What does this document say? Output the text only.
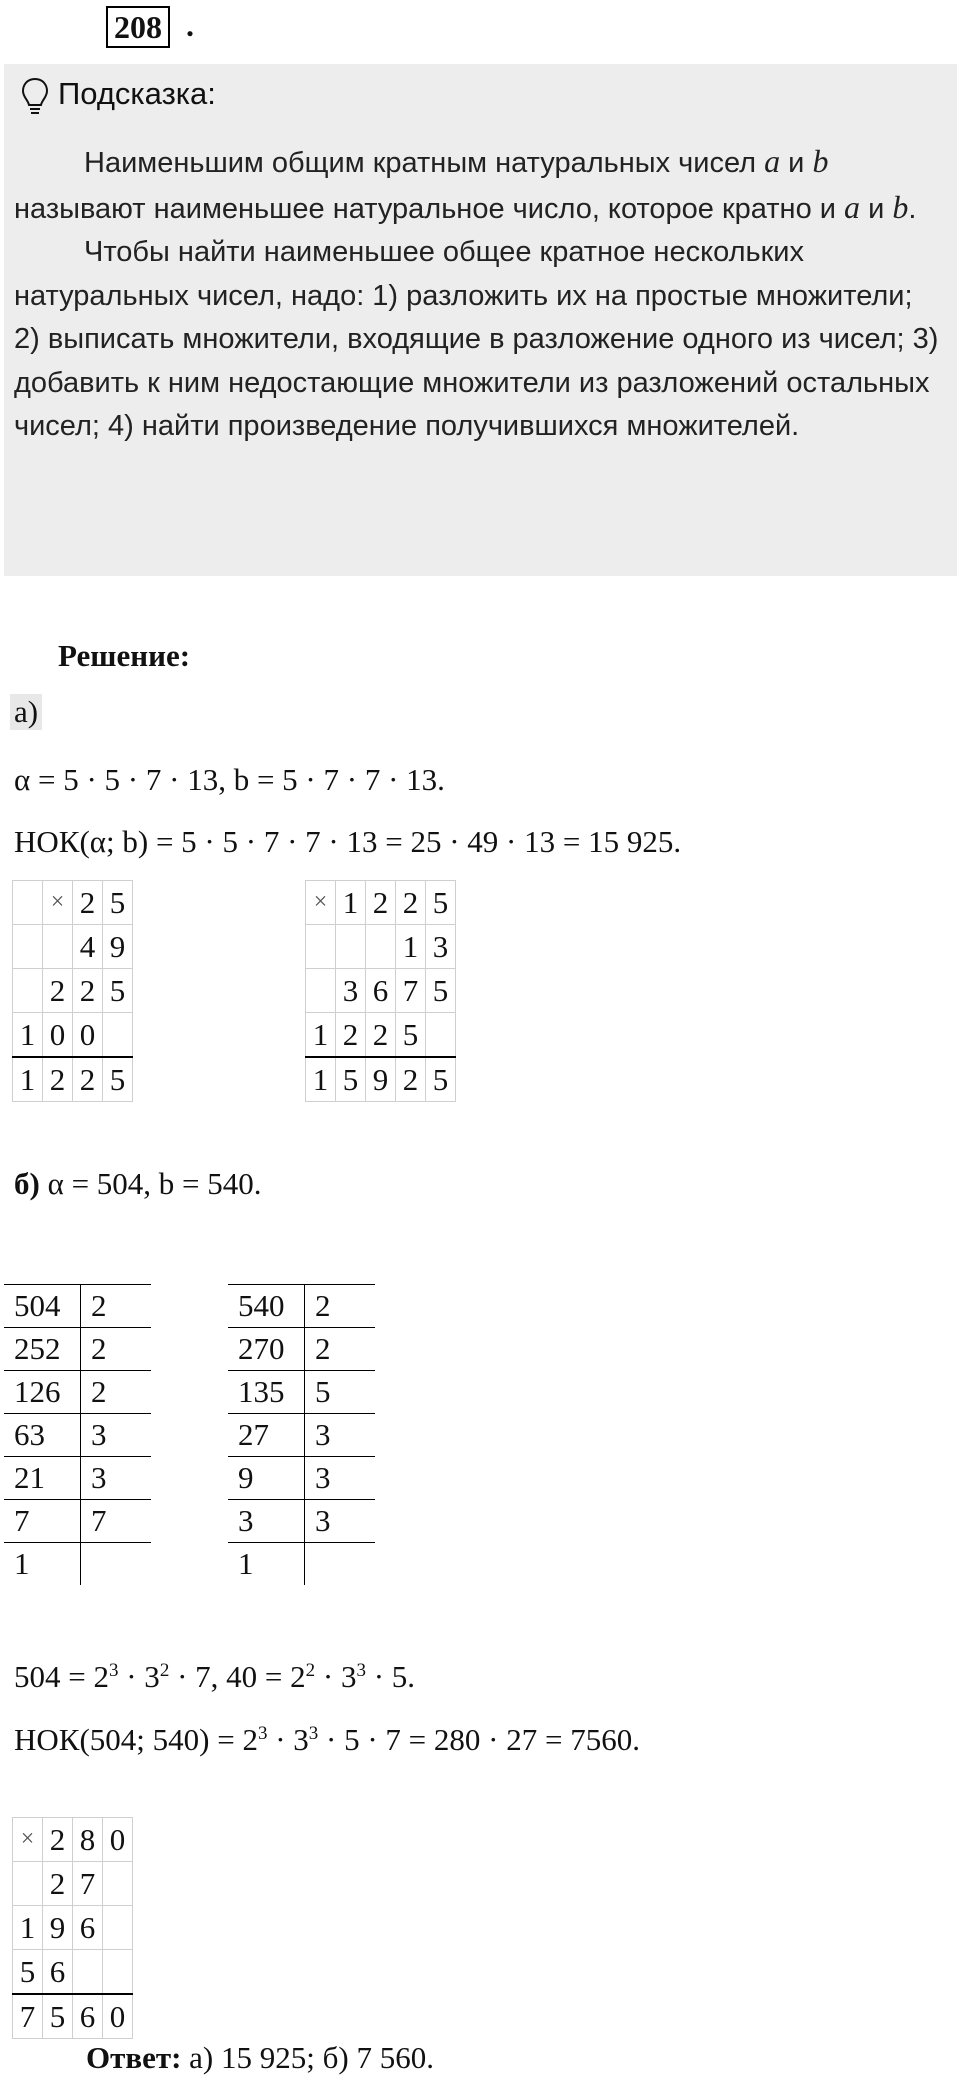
208 .
Подсказка:

Наименьшим общим кратным натуральных чисел a и b называют наименьшее натуральное число, которое кратно и a и b.

Чтобы найти наименьшее общее кратное нескольких натуральных чисел, надо: 1) разложить их на простые множители; 2) выписать множители, входящие в разложение одного из чисел; 3) добавить к ним недостающие множители из разложений остальных чисел; 4) найти произведение получившихся множителей.

Решение:
а)
α = 5 · 5 · 7 · 13, b = 5 · 7 · 7 · 13.
НОК(α; b) = 5 · 5 · 7 · 7 · 13 = 25 · 49 · 13 = 15 925.
	×	2	5
		4	9
	2	2	5
1	0	0	
1	2	2	5
×	1	2	2	5
			1	3
	3	6	7	5
1	2	2	5	
1	5	9	2	5
б) α = 504, b = 540.
504	2
252	2
126	2
63	3
21	3
7	7
1	
540	2
270	2
135	5
27	3
9	3
3	3
1	
$504 = 2^3 \cdot 3^2 \cdot 7$, $40 = 2^2 \cdot 3^3 \cdot 5$.
НОК(504; $540) = 2^3 \cdot 3^3 \cdot 5 \cdot 7 = 280 \cdot 27 = 7560$.
×	2	8	0
	2	7	
1	9	6	
5	6		
7	5	6	0
Ответ: а) 15 925; б) 7 560.
